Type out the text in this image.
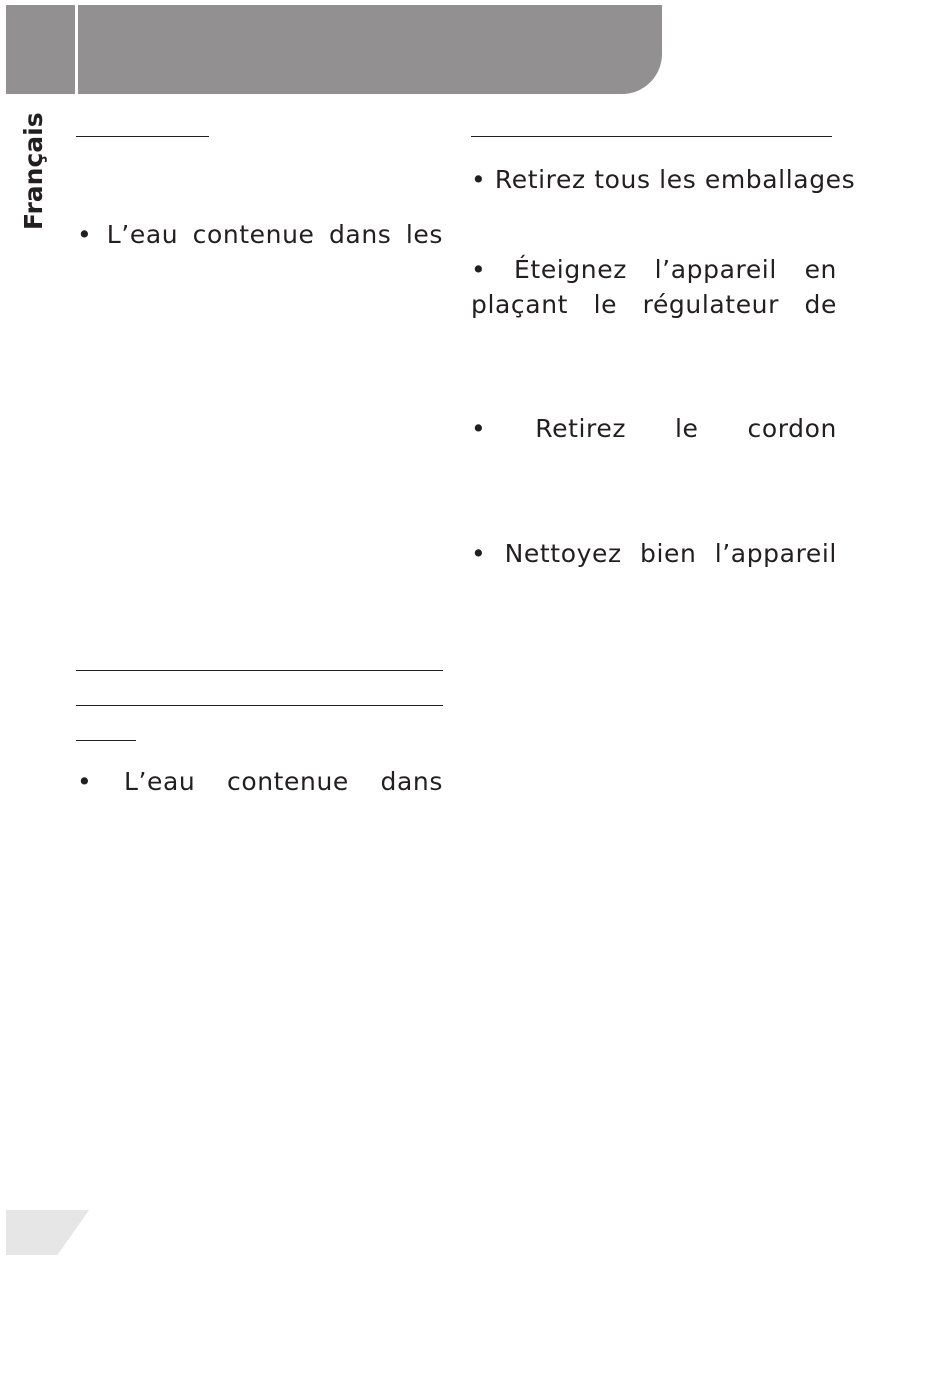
Français
• L’eau contenue dans les
• L’eau contenue dans
• Retirez tous les emballages
• Éteignez l’appareil en
plaçant le régulateur de
• Retirez le cordon
• Nettoyez bien l’appareil
